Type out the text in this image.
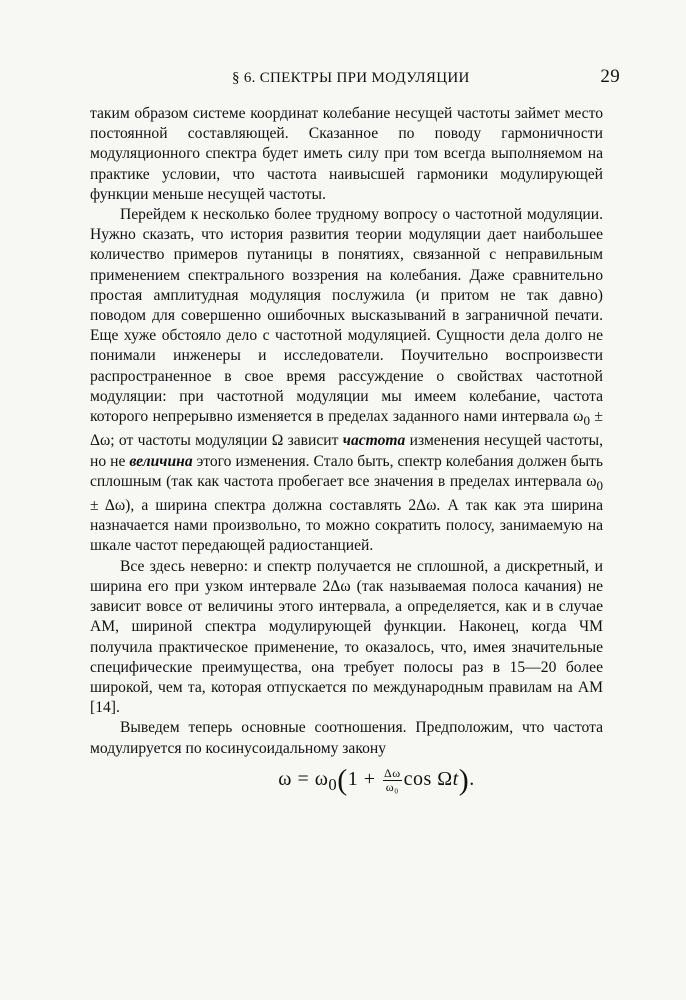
§ 6. СПЕКТРЫ ПРИ МОДУЛЯЦИИ	29

таким образом системе координат колебание несущей частоты займет место постоянной составляющей. Сказанное по поводу гармоничности модуляционного спектра будет иметь силу при том всегда выполняемом на практике условии, что частота наивысшей гармоники модулирующей функции меньше несущей частоты.

Перейдем к несколько более трудному вопросу о частотной модуляции. Нужно сказать, что история развития теории модуляции дает наибольшее количество примеров путаницы в понятиях, связанной с неправильным применением спектрального воззрения на колебания. Даже сравнительно простая амплитудная модуляция послужила (и притом не так давно) поводом для совершенно ошибочных высказываний в заграничной печати. Еще хуже обстояло дело с частотной модуляцией. Сущности дела долго не понимали инженеры и исследователи. Поучительно воспроизвести распространенное в свое время рассуждение о свойствах частотной модуляции: при частотной модуляции мы имеем колебание, частота которого непрерывно изменяется в пределах заданного нами интервала $\omega_0 \pm \Delta\omega$; от частоты модуляции Ω зависит частота изменения несущей частоты, но не величина этого изменения. Стало быть, спектр колебания должен быть сплошным (так как частота пробегает все значения в пределах интервала $\omega_0 \pm \Delta\omega$), а ширина спектра должна составлять 2Δω. А так как эта ширина назначается нами произвольно, то можно сократить полосу, занимаемую на шкале частот передающей радиостанцией.

Все здесь неверно: и спектр получается не сплошной, а дискретный, и ширина его при узком интервале 2Δω (так называемая полоса качания) не зависит вовсе от величины этого интервала, а определяется, как и в случае АМ, шириной спектра модулирующей функции. Наконец, когда ЧМ получила практическое применение, то оказалось, что, имея значительные специфические преимущества, она требует полосы раз в 15—20 более широкой, чем та, которая отпускается по международным правилам на АМ [14].

Выведем теперь основные соотношения. Предположим, что частота модулируется по косинусоидальному закону

$\omega = \omega_0(1 + \frac{\Delta\omega}{\text{ω₀}}$ cos Ωt).
